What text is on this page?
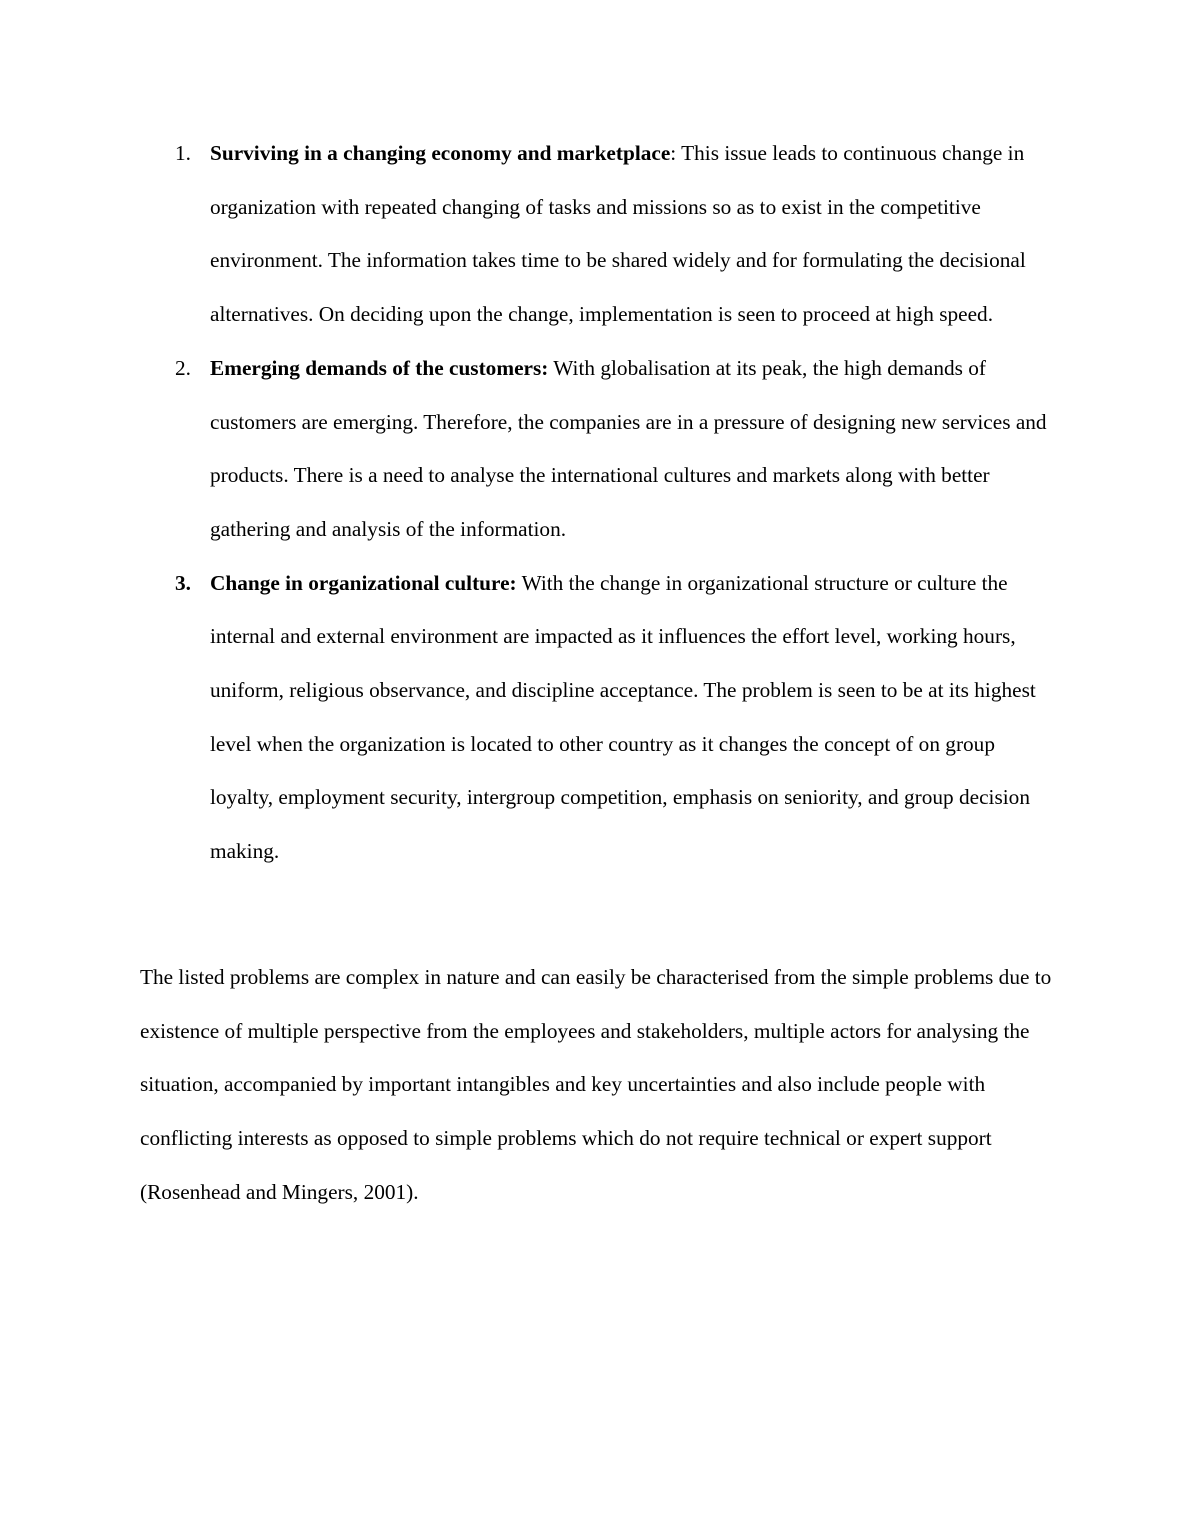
1. Surviving in a changing economy and marketplace: This issue leads to continuous change in organization with repeated changing of tasks and missions so as to exist in the competitive environment. The information takes time to be shared widely and for formulating the decisional alternatives. On deciding upon the change, implementation is seen to proceed at high speed.
2. Emerging demands of the customers: With globalisation at its peak, the high demands of customers are emerging. Therefore, the companies are in a pressure of designing new services and products. There is a need to analyse the international cultures and markets along with better gathering and analysis of the information.
3. Change in organizational culture: With the change in organizational structure or culture the internal and external environment are impacted as it influences the effort level, working hours, uniform, religious observance, and discipline acceptance. The problem is seen to be at its highest level when the organization is located to other country as it changes the concept of on group loyalty, employment security, intergroup competition, emphasis on seniority, and group decision making.

The listed problems are complex in nature and can easily be characterised from the simple problems due to existence of multiple perspective from the employees and stakeholders, multiple actors for analysing the situation, accompanied by important intangibles and key uncertainties and also include people with conflicting interests as opposed to simple problems which do not require technical or expert support (Rosenhead and Mingers, 2001).
